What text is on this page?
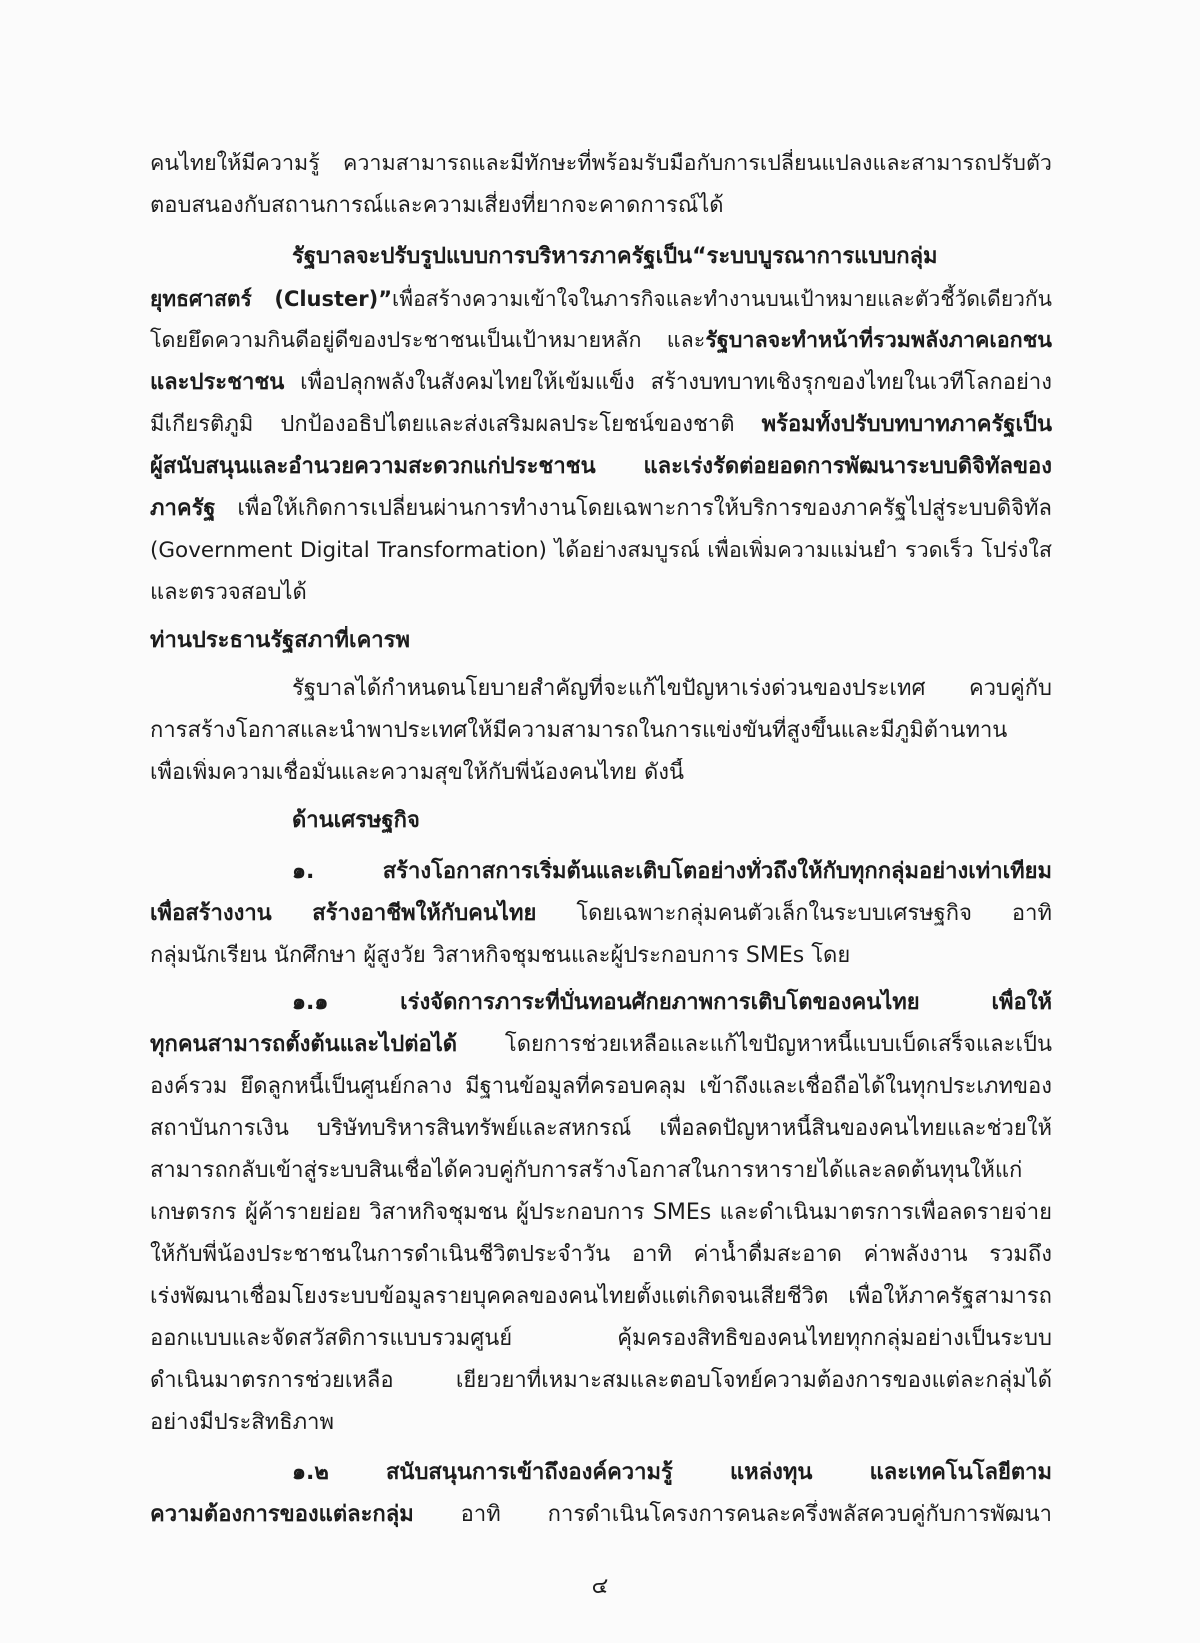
คนไทยให้มีความรู้ ความสามารถและมีทักษะที่พร้อมรับมือกับการเปลี่ยนแปลงและสามารถปรับตัว
ตอบสนองกับสถานการณ์และความเสี่ยงที่ยากจะคาดการณ์ได้
รัฐบาลจะปรับรูปแบบการบริหารภาครัฐเป็น“ระบบบูรณาการแบบกลุ่ม
ยุทธศาสตร์ (Cluster)”เพื่อสร้างความเข้าใจในภารกิจและทำงานบนเป้าหมายและตัวชี้วัดเดียวกัน
โดยยึดความกินดีอยู่ดีของประชาชนเป็นเป้าหมายหลัก และรัฐบาลจะทำหน้าที่รวมพลังภาคเอกชน
และประชาชน เพื่อปลุกพลังในสังคมไทยให้เข้มแข็ง สร้างบทบาทเชิงรุกของไทยในเวทีโลกอย่าง
มีเกียรติภูมิ ปกป้องอธิปไตยและส่งเสริมผลประโยชน์ของชาติ พร้อมทั้งปรับบทบาทภาครัฐเป็น
ผู้สนับสนุนและอำนวยความสะดวกแก่ประชาชน และเร่งรัดต่อยอดการพัฒนาระบบดิจิทัลของ
ภาครัฐ เพื่อให้เกิดการเปลี่ยนผ่านการทำงานโดยเฉพาะการให้บริการของภาครัฐไปสู่ระบบดิจิทัล
(Government Digital Transformation) ได้อย่างสมบูรณ์ เพื่อเพิ่มความแม่นยำ รวดเร็ว โปร่งใส
และตรวจสอบได้
ท่านประธานรัฐสภาที่เคารพ
รัฐบาลได้กำหนดนโยบายสำคัญที่จะแก้ไขปัญหาเร่งด่วนของประเทศ ควบคู่กับ
การสร้างโอกาสและนำพาประเทศให้มีความสามารถในการแข่งขันที่สูงขึ้นและมีภูมิต้านทาน
เพื่อเพิ่มความเชื่อมั่นและความสุขให้กับพี่น้องคนไทย ดังนี้
ด้านเศรษฐกิจ
๑. สร้างโอกาสการเริ่มต้นและเติบโตอย่างทั่วถึงให้กับทุกกลุ่มอย่างเท่าเทียม
เพื่อสร้างงาน สร้างอาชีพให้กับคนไทย โดยเฉพาะกลุ่มคนตัวเล็กในระบบเศรษฐกิจ อาทิ
กลุ่มนักเรียน นักศึกษา ผู้สูงวัย วิสาหกิจชุมชนและผู้ประกอบการ SMEs โดย
๑.๑ เร่งจัดการภาระที่บั่นทอนศักยภาพการเติบโตของคนไทย เพื่อให้
ทุกคนสามารถตั้งต้นและไปต่อได้ โดยการช่วยเหลือและแก้ไขปัญหาหนี้แบบเบ็ดเสร็จและเป็น
องค์รวม ยึดลูกหนี้เป็นศูนย์กลาง มีฐานข้อมูลที่ครอบคลุม เข้าถึงและเชื่อถือได้ในทุกประเภทของ
สถาบันการเงิน บริษัทบริหารสินทรัพย์และสหกรณ์ เพื่อลดปัญหาหนี้สินของคนไทยและช่วยให้
สามารถกลับเข้าสู่ระบบสินเชื่อได้ควบคู่กับการสร้างโอกาสในการหารายได้และลดต้นทุนให้แก่
เกษตรกร ผู้ค้ารายย่อย วิสาหกิจชุมชน ผู้ประกอบการ SMEs และดำเนินมาตรการเพื่อลดรายจ่าย
ให้กับพี่น้องประชาชนในการดำเนินชีวิตประจำวัน อาทิ ค่าน้ำดื่มสะอาด ค่าพลังงาน รวมถึง
เร่งพัฒนาเชื่อมโยงระบบข้อมูลรายบุคคลของคนไทยตั้งแต่เกิดจนเสียชีวิต เพื่อให้ภาครัฐสามารถ
ออกแบบและจัดสวัสดิการแบบรวมศูนย์ คุ้มครองสิทธิของคนไทยทุกกลุ่มอย่างเป็นระบบ
ดำเนินมาตรการช่วยเหลือ เยียวยาที่เหมาะสมและตอบโจทย์ความต้องการของแต่ละกลุ่มได้
อย่างมีประสิทธิภาพ
๑.๒ สนับสนุนการเข้าถึงองค์ความรู้ แหล่งทุน และเทคโนโลยีตาม
ความต้องการของแต่ละกลุ่ม อาทิ การดำเนินโครงการคนละครึ่งพลัสควบคู่กับการพัฒนา
๔
